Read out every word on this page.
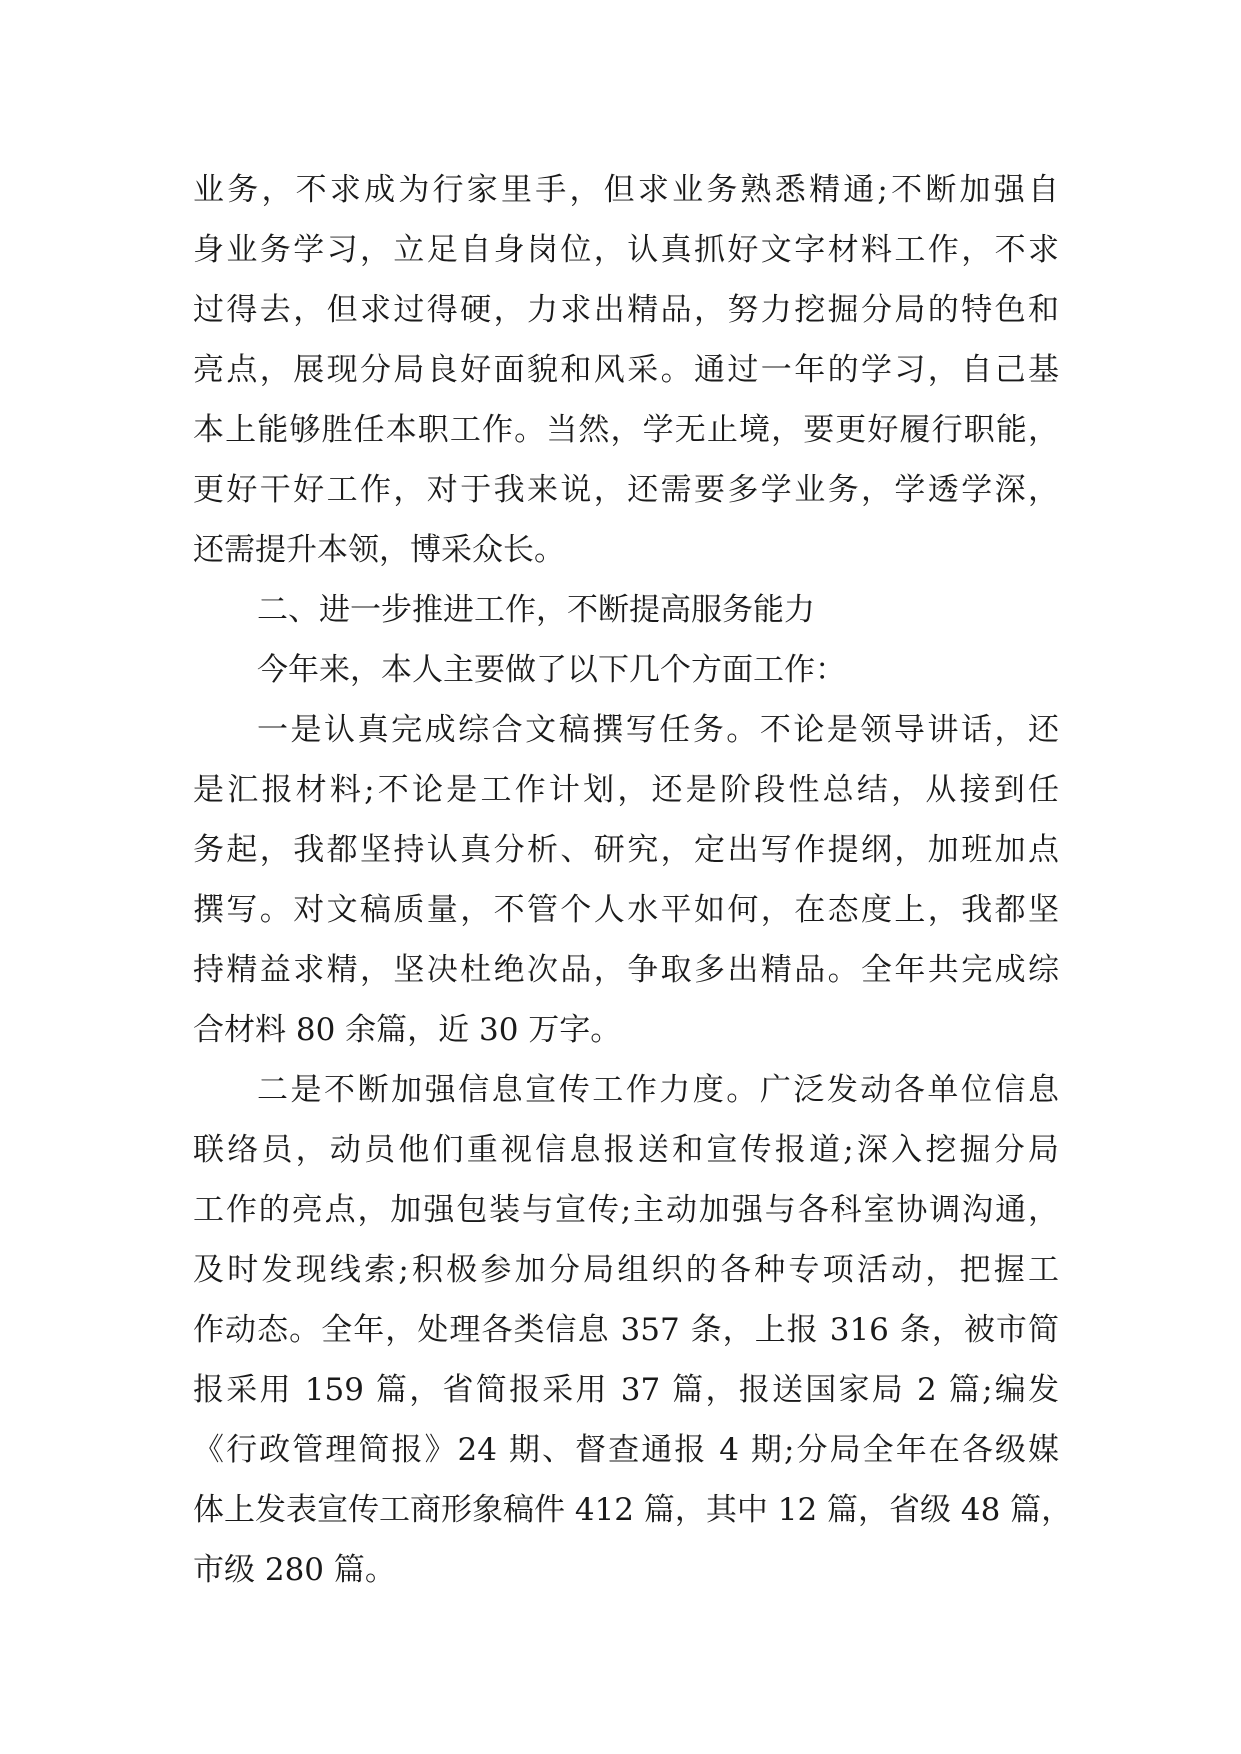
业务，不求成为行家里手，但求业务熟悉精通;不断加强自

身业务学习，立足自身岗位，认真抓好文字材料工作，不求

过得去，但求过得硬，力求出精品，努力挖掘分局的特色和

亮点，展现分局良好面貌和风采。通过一年的学习，自己基

本上能够胜任本职工作。当然，学无止境，要更好履行职能，

更好干好工作，对于我来说，还需要多学业务，学透学深，

还需提升本领，博采众长。

二、进一步推进工作，不断提高服务能力

今年来，本人主要做了以下几个方面工作：

一是认真完成综合文稿撰写任务。不论是领导讲话，还

是汇报材料;不论是工作计划，还是阶段性总结，从接到任

务起，我都坚持认真分析、研究，定出写作提纲，加班加点

撰写。对文稿质量，不管个人水平如何，在态度上，我都坚

持精益求精，坚决杜绝次品，争取多出精品。全年共完成综

合材料 80 余篇，近 30 万字。

二是不断加强信息宣传工作力度。广泛发动各单位信息

联络员，动员他们重视信息报送和宣传报道;深入挖掘分局

工作的亮点，加强包装与宣传;主动加强与各科室协调沟通，

及时发现线索;积极参加分局组织的各种专项活动，把握工

作动态。全年，处理各类信息 357 条，上报 316 条，被市简

报采用 159 篇，省简报采用 37 篇，报送国家局 2 篇;编发

《行政管理简报》24 期、督查通报 4 期;分局全年在各级媒

体上发表宣传工商形象稿件 412 篇，其中 12 篇，省级 48 篇，

市级 280 篇。
